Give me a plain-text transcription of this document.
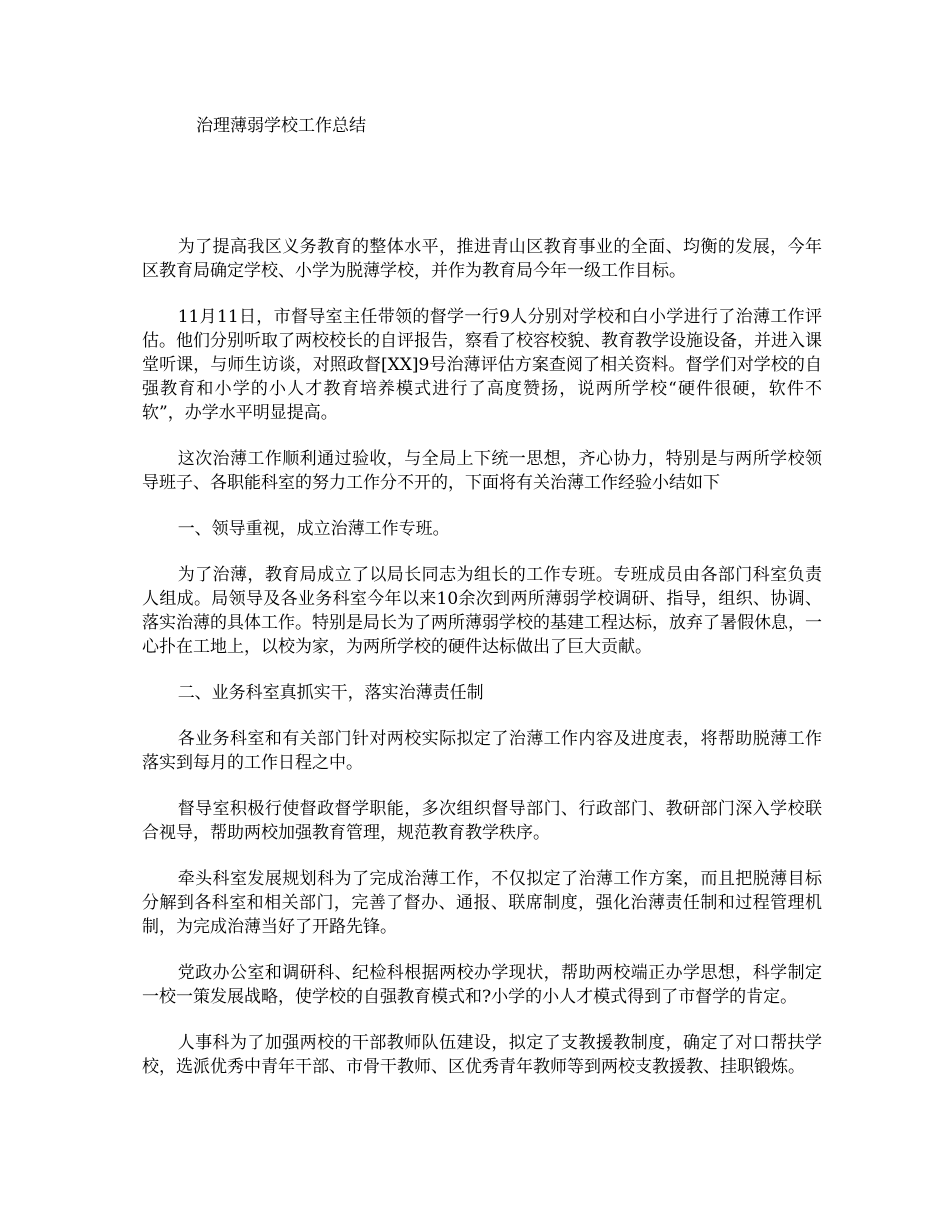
治理薄弱学校工作总结

为了提高我区义务教育的整体水平，推进青山区教育事业的全面、均衡的发展，今年区教育局确定学校、小学为脱薄学校，并作为教育局今年一级工作目标。

11月11日，市督导室主任带领的督学一行9人分别对学校和白小学进行了治薄工作评估。他们分别听取了两校校长的自评报告，察看了校容校貌、教育教学设施设备，并进入课堂听课，与师生访谈，对照政督[XX]9号治薄评估方案查阅了相关资料。督学们对学校的自强教育和小学的小人才教育培养模式进行了高度赞扬，说两所学校“硬件很硬，软件不软”，办学水平明显提高。

这次治薄工作顺利通过验收，与全局上下统一思想，齐心协力，特别是与两所学校领导班子、各职能科室的努力工作分不开的，下面将有关治薄工作经验小结如下

一、领导重视，成立治薄工作专班。

为了治薄，教育局成立了以局长同志为组长的工作专班。专班成员由各部门科室负责人组成。局领导及各业务科室今年以来10余次到两所薄弱学校调研、指导，组织、协调、落实治薄的具体工作。特别是局长为了两所薄弱学校的基建工程达标，放弃了暑假休息，一心扑在工地上，以校为家，为两所学校的硬件达标做出了巨大贡献。

二、业务科室真抓实干，落实治薄责任制

各业务科室和有关部门针对两校实际拟定了治薄工作内容及进度表，将帮助脱薄工作落实到每月的工作日程之中。

督导室积极行使督政督学职能，多次组织督导部门、行政部门、教研部门深入学校联合视导，帮助两校加强教育管理，规范教育教学秩序。

牵头科室发展规划科为了完成治薄工作，不仅拟定了治薄工作方案，而且把脱薄目标分解到各科室和相关部门，完善了督办、通报、联席制度，强化治薄责任制和过程管理机制，为完成治薄当好了开路先锋。

党政办公室和调研科、纪检科根据两校办学现状，帮助两校端正办学思想，科学制定一校一策发展战略，使学校的自强教育模式和?小学的小人才模式得到了市督学的肯定。

人事科为了加强两校的干部教师队伍建设，拟定了支教援教制度，确定了对口帮扶学校，选派优秀中青年干部、市骨干教师、区优秀青年教师等到两校支教援教、挂职锻炼。
